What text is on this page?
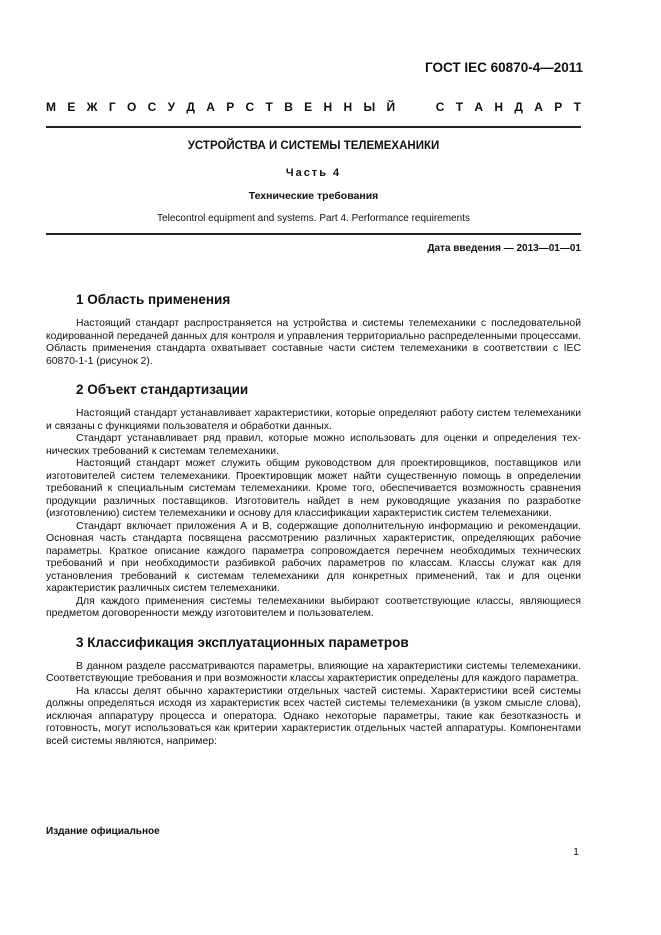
ГОСТ IEC 60870-4—2011
М Е Ж Г О С У Д А Р С Т В Е Н Н Ы Й

	С Т А Н Д А Р Т
УСТРОЙСТВА И СИСТЕМЫ ТЕЛЕМЕХАНИКИ
Часть 4
Технические требования
Telecontrol equipment and systems. Part 4. Performance requirements
Дата введения — 2013—01—01
1 Область применения

Настоящий стандарт распространяется на устройства и системы телемеханики с последовательной кодированной передачей данных для контроля и управления территориально распределенными процессами. Область применения стандарта охватывает составные части систем телемеханики в соответствии с IEC 60870-1-1 (рисунок 2).

2 Объект стандартизации

Настоящий стандарт устанавливает характеристики, которые определяют работу систем телемеханики и связаны с функциями пользователя и обработки данных.

Стандарт устанавливает ряд правил, которые можно использовать для оценки и определения технических требований к системам телемеханики.

Настоящий стандарт может служить общим руководством для проектировщиков, поставщиков или изготовителей систем телемеханики. Проектировщик может найти существенную помощь в определении требований к специальным системам телемеханики. Кроме того, обеспечивается возможность сравнения продукции различных поставщиков. Изготовитель найдет в нем руководящие указания по разработке (изготовлению) систем телемеханики и основу для классификации характеристик систем телемеханики.

Стандарт включает приложения А и В, содержащие дополнительную информацию и рекомендации. Основная часть стандарта посвящена рассмотрению различных характеристик, определяющих рабочие параметры. Краткое описание каждого параметра сопровождается перечнем необходимых технических требований и при необходимости разбивкой рабочих параметров по классам. Классы служат как для установления требований к системам телемеханики для конкретных применений, так и для оценки характеристик различных систем телемеханики.

Для каждого применения системы телемеханики выбирают соответствующие классы, являющиеся предметом договоренности между изготовителем и пользователем.

3 Классификация эксплуатационных параметров

В данном разделе рассматриваются параметры, влияющие на характеристики системы телемеханики. Соответствующие требования и при возможности классы характеристик определены для каждого параметра.

На классы делят обычно характеристики отдельных частей системы. Характеристики всей системы должны определяться исходя из характеристик всех частей системы телемеханики (в узком смысле слова), исключая аппаратуру процесса и оператора. Однако некоторые параметры, такие как безотказность и готовность, могут использоваться как критерии характеристик отдельных частей аппаратуры. Компонентами всей системы являются, например:

Издание официальное
1
